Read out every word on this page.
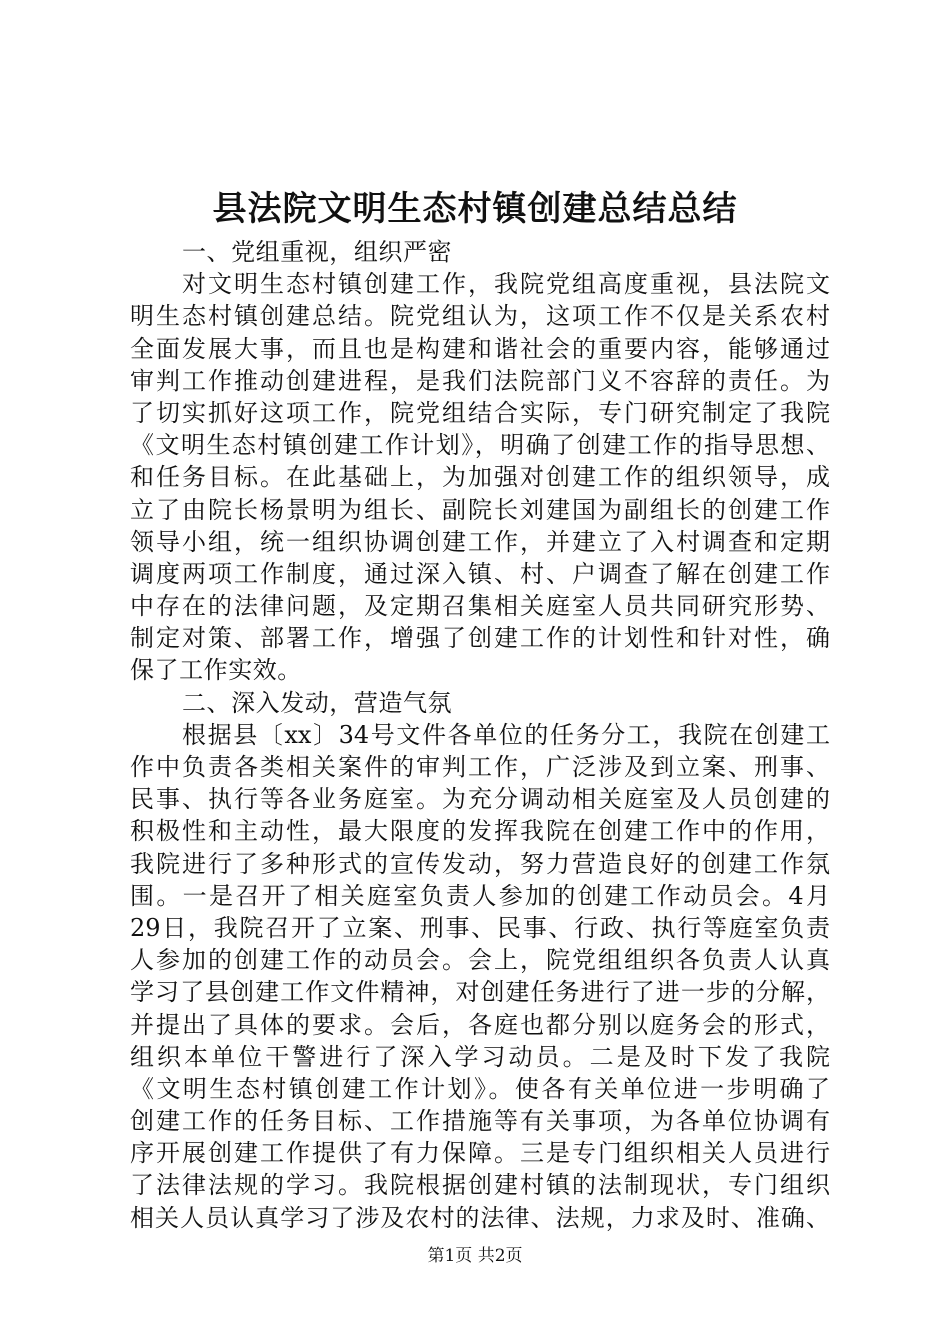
县法院文明生态村镇创建总结总结
一、党组重视，组织严密
对文明生态村镇创建工作，我院党组高度重视，县法院文
明生态村镇创建总结。院党组认为，这项工作不仅是关系农村
全面发展大事，而且也是构建和谐社会的重要内容，能够通过
审判工作推动创建进程，是我们法院部门义不容辞的责任。为
了切实抓好这项工作，院党组结合实际，专门研究制定了我院
《文明生态村镇创建工作计划》，明确了创建工作的指导思想、
和任务目标。在此基础上，为加强对创建工作的组织领导，成
立了由院长杨景明为组长、副院长刘建国为副组长的创建工作
领导小组，统一组织协调创建工作，并建立了入村调查和定期
调度两项工作制度，通过深入镇、村、户调查了解在创建工作
中存在的法律问题，及定期召集相关庭室人员共同研究形势、
制定对策、部署工作，增强了创建工作的计划性和针对性，确
保了工作实效。
二、深入发动，营造气氛
根据县〔xx〕34号文件各单位的任务分工，我院在创建工
作中负责各类相关案件的审判工作，广泛涉及到立案、刑事、
民事、执行等各业务庭室。为充分调动相关庭室及人员创建的
积极性和主动性，最大限度的发挥我院在创建工作中的作用，
我院进行了多种形式的宣传发动，努力营造良好的创建工作氛
围。一是召开了相关庭室负责人参加的创建工作动员会。4月
29日，我院召开了立案、刑事、民事、行政、执行等庭室负责
人参加的创建工作的动员会。会上，院党组组织各负责人认真
学习了县创建工作文件精神，对创建任务进行了进一步的分解，
并提出了具体的要求。会后，各庭也都分别以庭务会的形式，
组织本单位干警进行了深入学习动员。二是及时下发了我院
《文明生态村镇创建工作计划》。使各有关单位进一步明确了
创建工作的任务目标、工作措施等有关事项，为各单位协调有
序开展创建工作提供了有力保障。三是专门组织相关人员进行
了法律法规的学习。我院根据创建村镇的法制现状，专门组织
相关人员认真学习了涉及农村的法律、法规，力求及时、准确、
第1页 共2页
